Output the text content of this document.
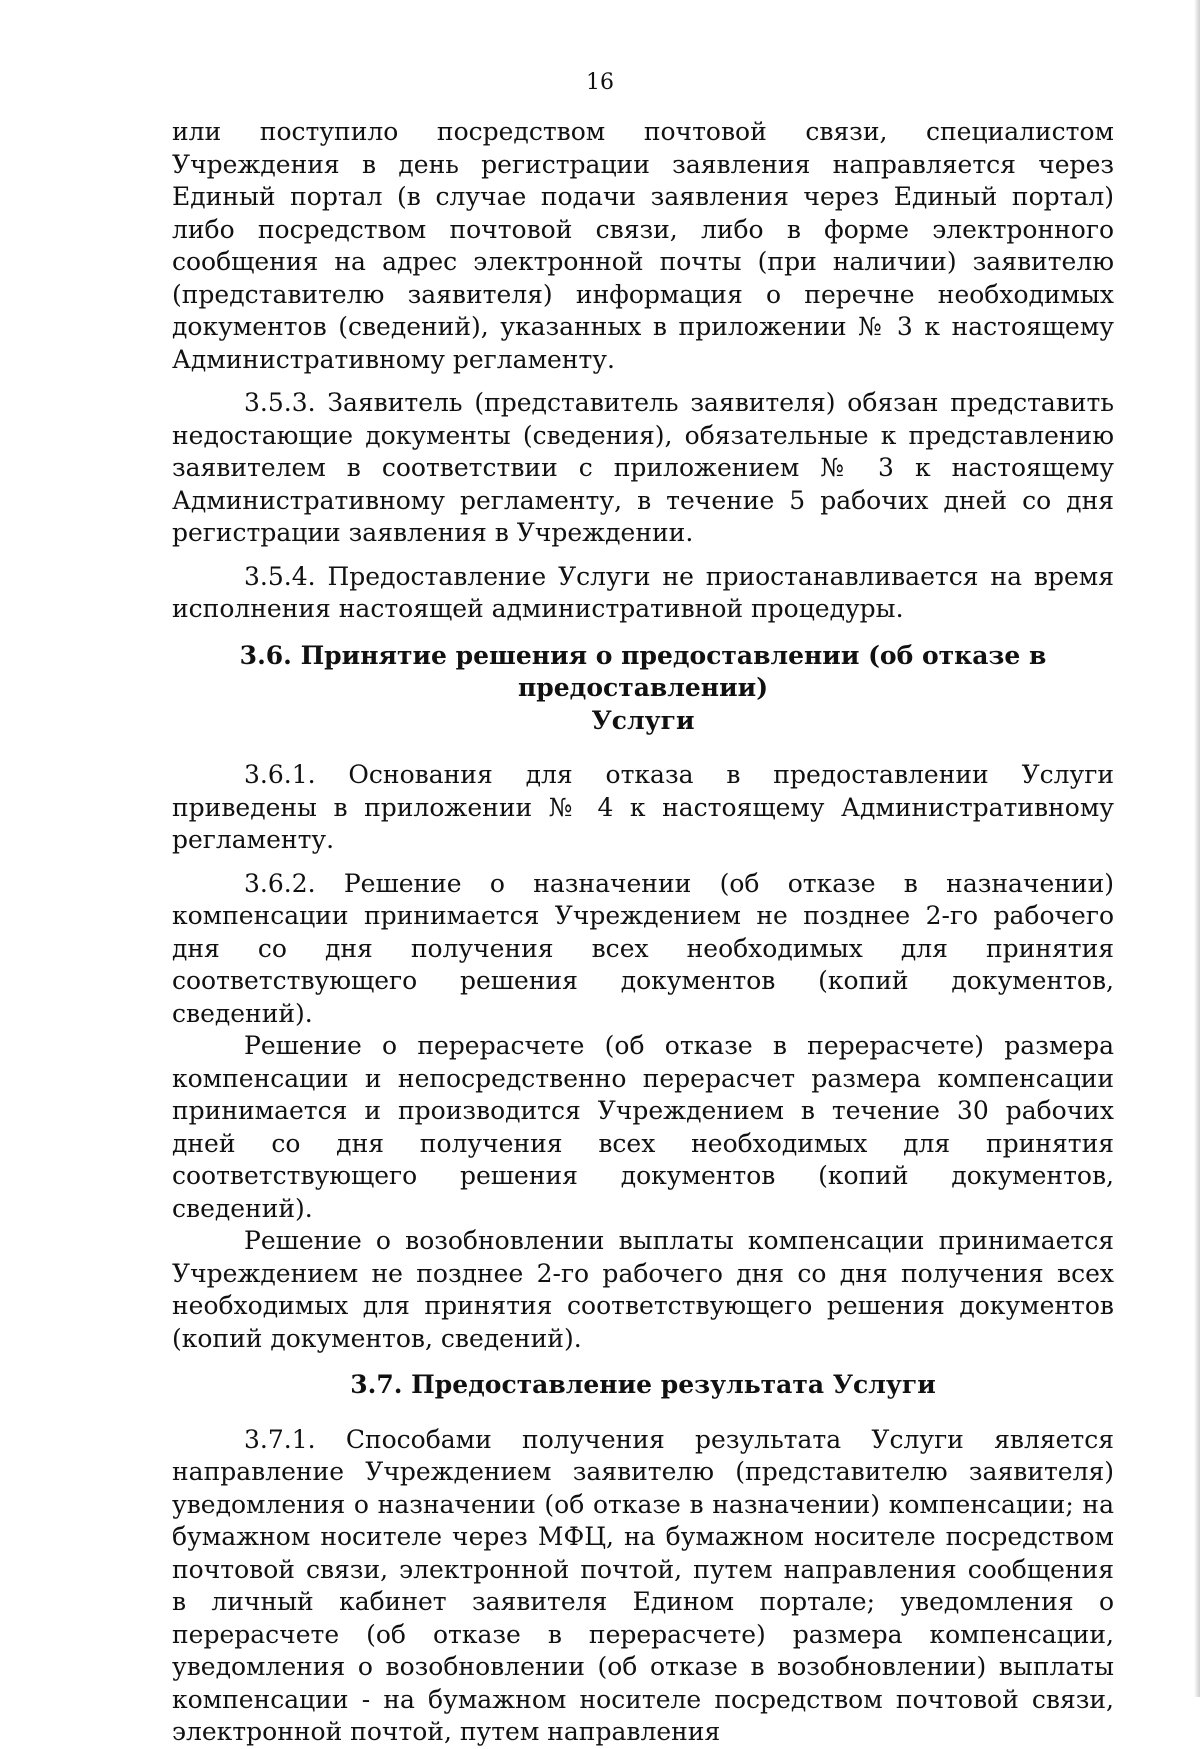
16

или поступило посредством почтовой связи, специалистом Учреждения в день регистрации заявления направляется через Единый портал (в случае подачи заявления через Единый портал) либо посредством почтовой связи, либо в форме электронного сообщения на адрес электронной почты (при наличии) заявителю (представителю заявителя) информация о перечне необходимых документов (сведений), указанных в приложении № 3 к настоящему Административному регламенту.

3.5.3. Заявитель (представитель заявителя) обязан представить недостающие документы (сведения), обязательные к представлению заявителем в соответствии с приложением № 3 к настоящему Административному регламенту, в течение 5 рабочих дней со дня регистрации заявления в Учреждении.

3.5.4. Предоставление Услуги не приостанавливается на время исполнения настоящей административной процедуры.

3.6. Принятие решения о предоставлении (об отказе в предоставлении)
Услуги

3.6.1. Основания для отказа в предоставлении Услуги приведены в приложении № 4 к настоящему Административному регламенту.

3.6.2. Решение о назначении (об отказе в назначении) компенсации принимается Учреждением не позднее 2-го рабочего дня со дня получения всех необходимых для принятия соответствующего решения документов (копий документов, сведений).

Решение о перерасчете (об отказе в перерасчете) размера компенсации и непосредственно перерасчет размера компенсации принимается и производится Учреждением в течение 30 рабочих дней со дня получения всех необходимых для принятия соответствующего решения документов (копий документов, сведений).

Решение о возобновлении выплаты компенсации принимается Учреждением не позднее 2-го рабочего дня со дня получения всех необходимых для принятия соответствующего решения документов (копий документов, сведений).

3.7. Предоставление результата Услуги

3.7.1. Способами получения результата Услуги является направление Учреждением заявителю (представителю заявителя) уведомления о назначении (об отказе в назначении) компенсации; на бумажном носителе через МФЦ, на бумажном носителе посредством почтовой связи, электронной почтой, путем направления сообщения в личный кабинет заявителя Едином портале; уведомления о перерасчете (об отказе в перерасчете) размера компенсации, уведомления о возобновлении (об отказе в возобновлении) выплаты компенсации - на бумажном носителе посредством почтовой связи, электронной почтой, путем направления
